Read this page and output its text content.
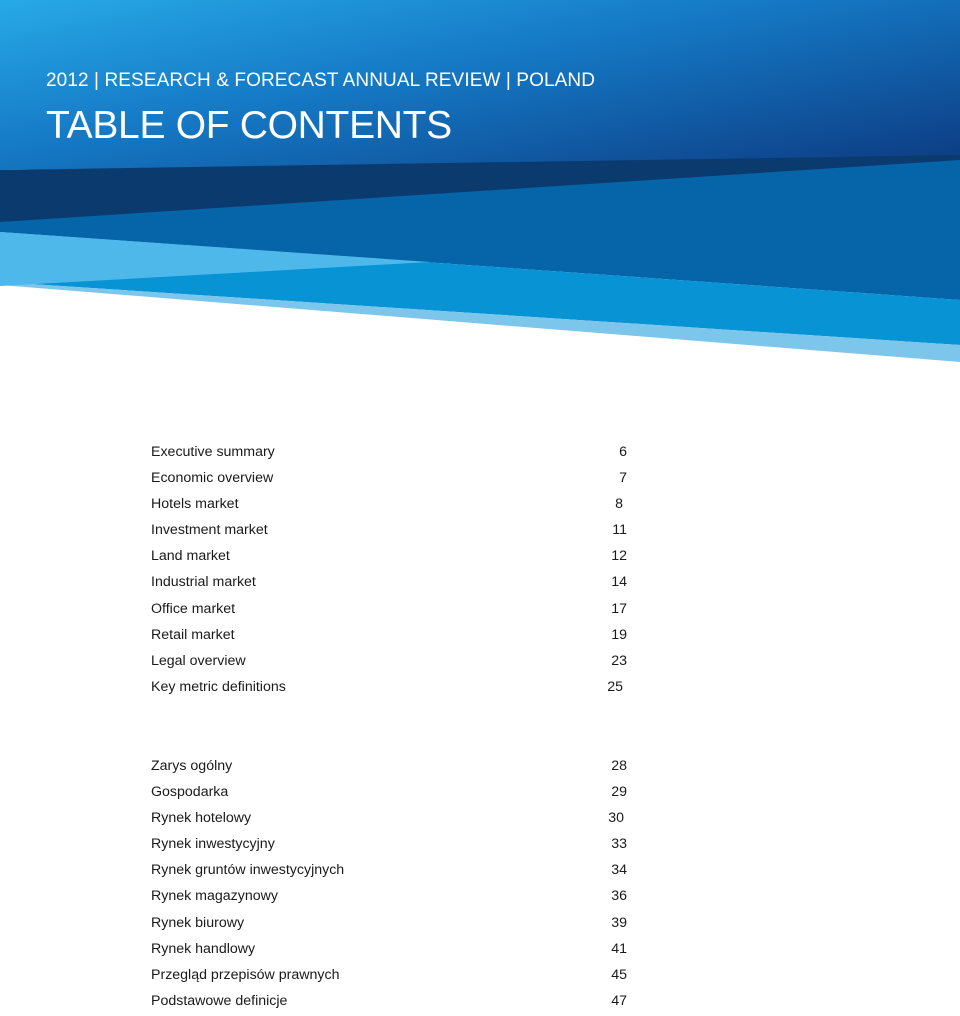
2012 | RESEARCH & FORECAST ANNUAL REVIEW | POLAND
TABLE OF CONTENTS
Executive summary	6
Economic overview	7
Hotels market	8
Investment market	11
Land market	12
Industrial market	14
Office market	17
Retail market	19
Legal overview	23
Key metric definitions	25
Zarys ogólny	28
Gospodarka	29
Rynek hotelowy	30
Rynek inwestycyjny	33
Rynek gruntów inwestycyjnych	34
Rynek magazynowy	36
Rynek biurowy	39
Rynek handlowy	41
Przegląd przepisów prawnych	45
Podstawowe definicje	47
